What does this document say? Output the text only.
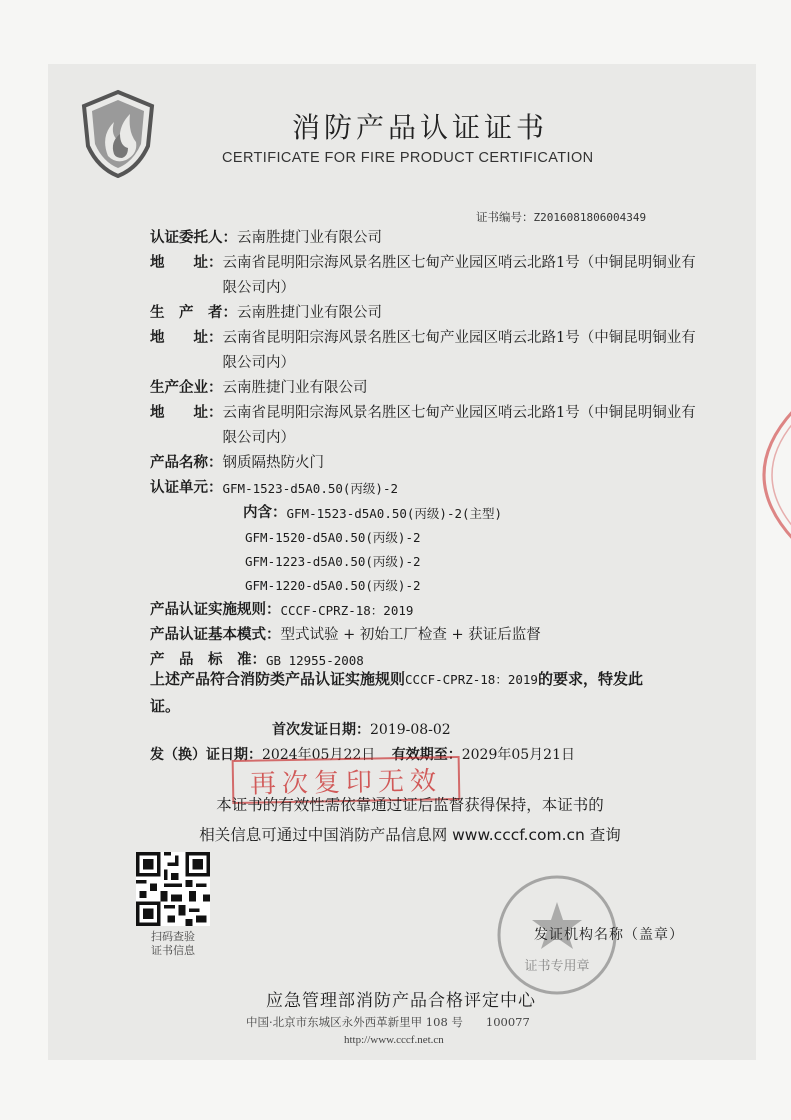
消防产品认证证书
CERTIFICATE FOR FIRE PRODUCT CERTIFICATION
证书编号：Z2016081806004349
认证委托人： 云南胜捷门业有限公司
地　　址： 云南省昆明阳宗海风景名胜区七甸产业园区哨云北路1号（中铜昆明铜业有限公司内）
生　产　者： 云南胜捷门业有限公司
地　　址： 云南省昆明阳宗海风景名胜区七甸产业园区哨云北路1号（中铜昆明铜业有限公司内）
生产企业： 云南胜捷门业有限公司
地　　址： 云南省昆明阳宗海风景名胜区七甸产业园区哨云北路1号（中铜昆明铜业有限公司内）
产品名称： 钢质隔热防火门
认证单元： GFM-1523-d5A0.50(丙级)-2
内含： GFM-1523-d5A0.50(丙级)-2(主型)
GFM-1520-d5A0.50(丙级)-2
GFM-1223-d5A0.50(丙级)-2
GFM-1220-d5A0.50(丙级)-2
产品认证实施规则： CCCF-CPRZ-18：2019
产品认证基本模式： 型式试验 + 初始工厂检查 + 获证后监督
产　品　标　准： GB 12955-2008
上述产品符合消防类产品认证实施规则CCCF-CPRZ-18：2019的要求，特发此证。
首次发证日期：2019-08-02
发（换）证日期：2024年05月22日 有效期至：2029年05月21日
再次复印无效
本证书的有效性需依靠通过证后监督获得保持，本证书的
相关信息可通过中国消防产品信息网 www.cccf.com.cn 查询
扫码查验
证书信息
证书专用章
发证机构名称（盖章）
应急管理部消防产品合格评定中心
中国·北京市东城区永外西革新里甲 108 号　　100077
http://www.cccf.net.cn
